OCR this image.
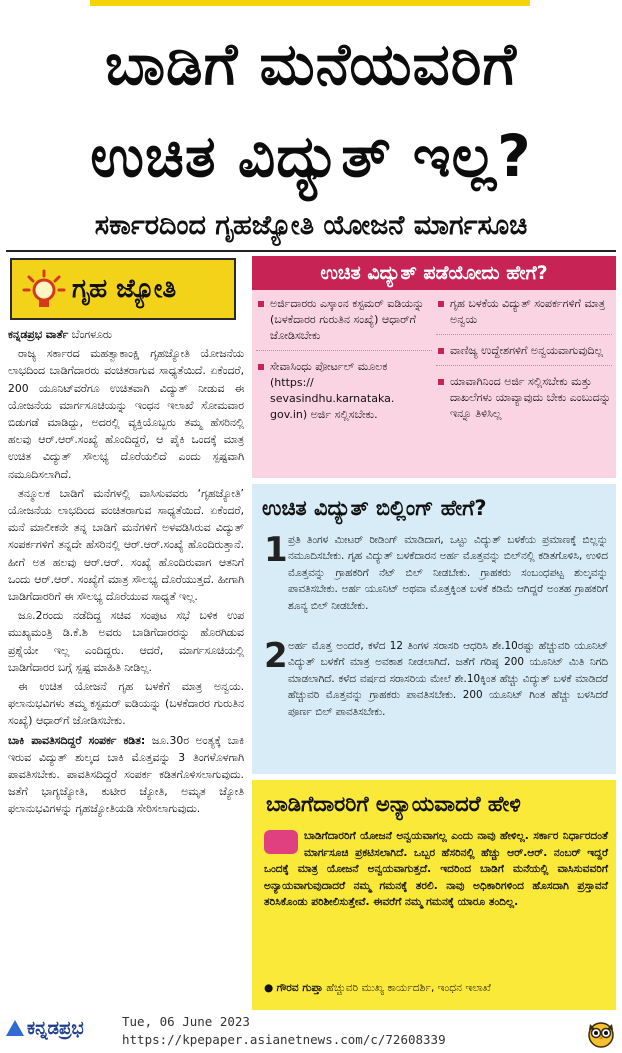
ಬಾಡಿಗೆ ಮನೆಯವರಿಗೆ
ಉಚಿತ ವಿದ್ಯುತ್ ಇಲ್ಲ?
ಸರ್ಕಾರದಿಂದ ಗೃಹಜ್ಯೋತಿ ಯೋಜನೆ ಮಾರ್ಗಸೂಚಿ
ಗೃಹ ಜ್ಯೋತಿ

ಕನ್ನಡಪ್ರಭ ವಾರ್ತೆ ಬೆಂಗಳೂರು

ರಾಜ್ಯ ಸರ್ಕಾರದ ಮಹತ್ವಾಕಾಂಕ್ಷಿ ಗೃಹಜ್ಯೋತಿ ಯೋಜನೆಯ ಲಾಭದಿಂದ ಬಾಡಿಗೆದಾರರು ವಂಚಿತರಾಗುವ ಸಾಧ್ಯತೆಯಿದೆ. ಏಕೆಂದರೆ, 200 ಯೂನಿಟ್‌ವರೆಗೂ ಉಚಿತವಾಗಿ ವಿದ್ಯುತ್ ನೀಡುವ ಈ ಯೋಜನೆಯ ಮಾರ್ಗಸೂಚಿಯನ್ನು ಇಂಧನ ಇಲಾಖೆ ಸೋಮವಾರ ಬಿಡುಗಡೆ ಮಾಡಿದ್ದು, ಅದರಲ್ಲಿ ವ್ಯಕ್ತಿಯೊಬ್ಬರು ತಮ್ಮ ಹೆಸರಿನಲ್ಲಿ ಹಲವು ಆರ್.ಆರ್.ಸಂಖ್ಯೆ ಹೊಂದಿದ್ದರೆ, ಆ ಪೈಕಿ ಒಂದಕ್ಕೆ ಮಾತ್ರ ಉಚಿತ ವಿದ್ಯುತ್ ಸೌಲಭ್ಯ ದೊರೆಯಲಿದೆ ಎಂದು ಸ್ಪಷ್ಟವಾಗಿ ನಮೂದಿಸಲಾಗಿದೆ.

ತನ್ಮೂಲಕ ಬಾಡಿಗೆ ಮನೆಗಳಲ್ಲಿ ವಾಸಿಸುವವರು ‘ಗೃಹಜ್ಯೋತಿ’ ಯೋಜನೆಯ ಲಾಭದಿಂದ ವಂಚಿತರಾಗುವ ಸಾಧ್ಯತೆಯಿದೆ. ಏಕೆಂದರೆ, ಮನೆ ಮಾಲೀಕನೇ ತನ್ನ ಬಾಡಿಗೆ ಮನೆಗಳಿಗೆ ಅಳವಡಿಸಿರುವ ವಿದ್ಯುತ್ ಸಂಪರ್ಕಗಳಿಗೆ ತನ್ನದೇ ಹೆಸರಿನಲ್ಲಿ ಆರ್.ಆರ್.ಸಂಖ್ಯೆ ಹೊಂದಿರುತ್ತಾನೆ. ಹೀಗೆ ಅತ ಹಲವು ಆರ್.ಆರ್. ಸಂಖ್ಯೆ ಹೊಂದಿರುವಾಗ ಆತನಿಗೆ ಒಂದು ಆರ್.ಆರ್. ಸಂಖ್ಯೆಗೆ ಮಾತ್ರ ಸೌಲಭ್ಯ ದೊರೆಯುತ್ತದೆ. ಹೀಗಾಗಿ ಬಾಡಿಗೆದಾರರಿಗೆ ಈ ಸೌಲಭ್ಯ ದೊರೆಯುವ ಸಾಧ್ಯತೆ ಇಲ್ಲ.

ಜೂ.2ರಂದು ನಡೆದಿದ್ದ ಸಚಿವ ಸಂಪುಟ ಸಭೆ ಬಳಿಕ ಉಪ ಮುಖ್ಯಮಂತ್ರಿ ಡಿ.ಕೆ.ಶಿ ಅವರು ಬಾಡಿಗೆದಾರರನ್ನು ಹೊರಗಿಡುವ ಪ್ರಶ್ನೆಯೇ ಇಲ್ಲ ಎಂದಿದ್ದರು. ಆದರೆ, ಮಾರ್ಗಸೂಚಿಯಲ್ಲಿ ಬಾಡಿಗೆದಾರರ ಬಗ್ಗೆ ಸ್ಪಷ್ಟ ಮಾಹಿತಿ ನೀಡಿಲ್ಲ.

ಈ ಉಚಿತ ಯೋಜನೆ ಗೃಹ ಬಳಕೆಗೆ ಮಾತ್ರ ಅನ್ವಯ. ಫಲಾನುಭವಿಗಳು ತಮ್ಮ ಕಸ್ಟಮರ್ ಐಡಿಯನ್ನು (ಬಳಕೆದಾರರ ಗುರುತಿನ ಸಂಖ್ಯೆ) ಆಧಾರ್‌ಗೆ ಜೋಡಿಸಬೇಕು.

ಬಾಕಿ ಪಾವತಿಸದಿದ್ದರೆ ಸಂಪರ್ಕ ಕಡಿತ: ಜೂ.30ರ ಅಂತ್ಯಕ್ಕೆ ಬಾಕಿ ಇರುವ ವಿದ್ಯುತ್ ಶುಲ್ಕದ ಬಾಕಿ ಮೊತ್ತವನ್ನು 3 ತಿಂಗಳೊಳಗಾಗಿ ಪಾವತಿಸಬೇಕು. ಪಾವತಿಸದಿದ್ದರೆ ಸಂಪರ್ಕ ಕಡಿತಗೊಳಿಸಲಾಗುವುದು. ಜತೆಗೆ ಭಾಗ್ಯಜ್ಯೋತಿ, ಕುಟೀರ ಜ್ಯೋತಿ, ಅಮೃತ ಜ್ಯೋತಿ ಫಲಾನುಭವಿಗಳನ್ನು ಗೃಹಜ್ಯೋತಿಯಡಿ ಸೇರಿಸಲಾಗುವುದು.

ಉಚಿತ ವಿದ್ಯುತ್ ಪಡೆಯೋದು ಹೇಗೆ?
ಅರ್ಜಿದಾರರು ಎಸ್ಕಾಂನ ಕಸ್ಟಮರ್ ಐಡಿಯನ್ನು (ಬಳಕೆದಾರರ ಗುರುತಿನ ಸಂಖ್ಯೆ) ಆಧಾರ್‌ಗೆ ಜೋಡಿಸಬೇಕು
ಸೇವಾಸಿಂಧು ಪೋರ್ಟಲ್ ಮೂಲಕ (https:// sevasindhu.karnataka. gov.in) ಅರ್ಜಿ ಸಲ್ಲಿಸಬೇಕು.
ಗೃಹ ಬಳಕೆಯ ವಿದ್ಯುತ್ ಸಂಪರ್ಕಗಳಿಗೆ ಮಾತ್ರ ಅನ್ವಯ
ವಾಣಿಜ್ಯ ಉದ್ದೇಶಗಳಿಗೆ ಅನ್ವಯವಾಗುವುದಿಲ್ಲ
ಯಾವಾಗಿನಿಂದ ಅರ್ಜಿ ಸಲ್ಲಿಸಬೇಕು ಮತ್ತು ದಾಖಲೆಗಳು ಯಾವ್ಯಾವುದು ಬೇಕು ಎಂಬುದನ್ನು ಇನ್ನೂ ತಿಳಿಸಿಲ್ಲ
ಉಚಿತ ವಿದ್ಯುತ್ ಬಿಲ್ಲಿಂಗ್ ಹೇಗೆ?
1 ಪ್ರತಿ ತಿಂಗಳ ಮೀಟರ್ ರೀಡಿಂಗ್ ಮಾಡಿದಾಗ, ಒಟ್ಟು ವಿದ್ಯುತ್ ಬಳಕೆಯ ಪ್ರಮಾಣಕ್ಕೆ ಬಿಲ್ಲನ್ನು ನಮೂದಿಸಬೇಕು. ಗೃಹ ವಿದ್ಯುತ್ ಬಳಕೆದಾರನ ಅರ್ಹ ಮೊತ್ತವನ್ನು ಬಿಲ್‌ನಲ್ಲಿ ಕಡಿತಗೊಳಿಸಿ, ಉಳಿದ ಮೊತ್ತವನ್ನು ಗ್ರಾಹಕರಿಗೆ ನೆಟ್ ಬಿಲ್ ನೀಡಬೇಕು. ಗ್ರಾಹಕರು ಸಂಬಂಧಪಟ್ಟ ಶುಲ್ಕವನ್ನು ಪಾವತಿಸಬೇಕು. ಅರ್ಹ ಯೂನಿಟ್ ಅಥವಾ ಮೊತ್ತಕ್ಕಿಂತ ಬಳಕೆ ಕಡಿಮೆ ಆಗಿದ್ದರೆ ಅಂತಹ ಗ್ರಾಹಕರಿಗೆ ಶೂನ್ಯ ಬಿಲ್ ನೀಡಬೇಕು.
2 ಅರ್ಹ ಮೊತ್ತ ಅಂದರೆ, ಕಳೆದ 12 ತಿಂಗಳ ಸರಾಸರಿ ಆಧರಿಸಿ ಶೇ.10ರಷ್ಟು ಹೆಚ್ಚುವರಿ ಯೂನಿಟ್ ವಿದ್ಯುತ್ ಬಳಕೆಗೆ ಮಾತ್ರ ಅವಕಾಶ ನೀಡಲಾಗಿದೆ. ಜತೆಗೆ ಗರಿಷ್ಠ 200 ಯೂನಿಟ್ ಮಿತಿ ನಿಗದಿ ಮಾಡಲಾಗಿದೆ. ಕಳೆದ ವರ್ಷದ ಸರಾಸರಿಯ ಮೇಲೆ ಶೇ.10ಕ್ಕಿಂತ ಹೆಚ್ಚು ವಿದ್ಯುತ್ ಬಳಕೆ ಮಾಡಿದರೆ ಹೆಚ್ಚುವರಿ ಮೊತ್ತವನ್ನು ಗ್ರಾಹಕರು ಪಾವತಿಸಬೇಕು. 200 ಯೂನಿಟ್ ಗಿಂತ ಹೆಚ್ಚು ಬಳಸಿದರೆ ಪೂರ್ಣ ಬಿಲ್ ಪಾವತಿಸಬೇಕು.
ಬಾಡಿಗೆದಾರರಿಗೆ ಅನ್ಯಾಯವಾದರೆ ಹೇಳಿ
ಬಾಡಿಗೆದಾರರಿಗೆ ಯೋಜನೆ ಅನ್ವಯವಾಗಲ್ಲ ಎಂದು ನಾವು ಹೇಳಿಲ್ಲ. ಸರ್ಕಾರ ನಿರ್ಧಾರದಂತೆ ಮಾರ್ಗಸೂಚಿ ಪ್ರಕಟಿಸಲಾಗಿದೆ. ಒಬ್ಬರ ಹೆಸರಿನಲ್ಲಿ ಹೆಚ್ಚು ಆರ್.ಆರ್. ನಂಬರ್ ಇದ್ದರೆ ಒಂದಕ್ಕೆ ಮಾತ್ರ ಯೋಜನೆ ಅನ್ವಯವಾಗುತ್ತದೆ. ಇದರಿಂದ ಬಾಡಿಗೆ ಮನೆಯಲ್ಲಿ ವಾಸಿಸುವವರಿಗೆ ಅನ್ಯಾಯವಾಗುವುದಾದರೆ ನಮ್ಮ ಗಮನಕ್ಕೆ ತರಲಿ. ನಾವು ಅಧಿಕಾರಿಗಳಿಂದ ಹೊಸದಾಗಿ ಪ್ರಸ್ತಾವನೆ ತರಿಸಿಕೊಂಡು ಪರಿಶೀಲಿಸುತ್ತೇವೆ. ಈವರೆಗೆ ನಮ್ಮ ಗಮನಕ್ಕೆ ಯಾರೂ ತಂದಿಲ್ಲ.
● ಗೌರವ ಗುಪ್ತಾ ಹೆಚ್ಚುವರಿ ಮುಖ್ಯ ಕಾರ್ಯದರ್ಶಿ, ಇಂಧನ ಇಲಾಖೆ
ಕನ್ನಡಪ್ರಭ	Tue, 06 June 2023
https://kpepaper.asianetnews.com/c/72608339
